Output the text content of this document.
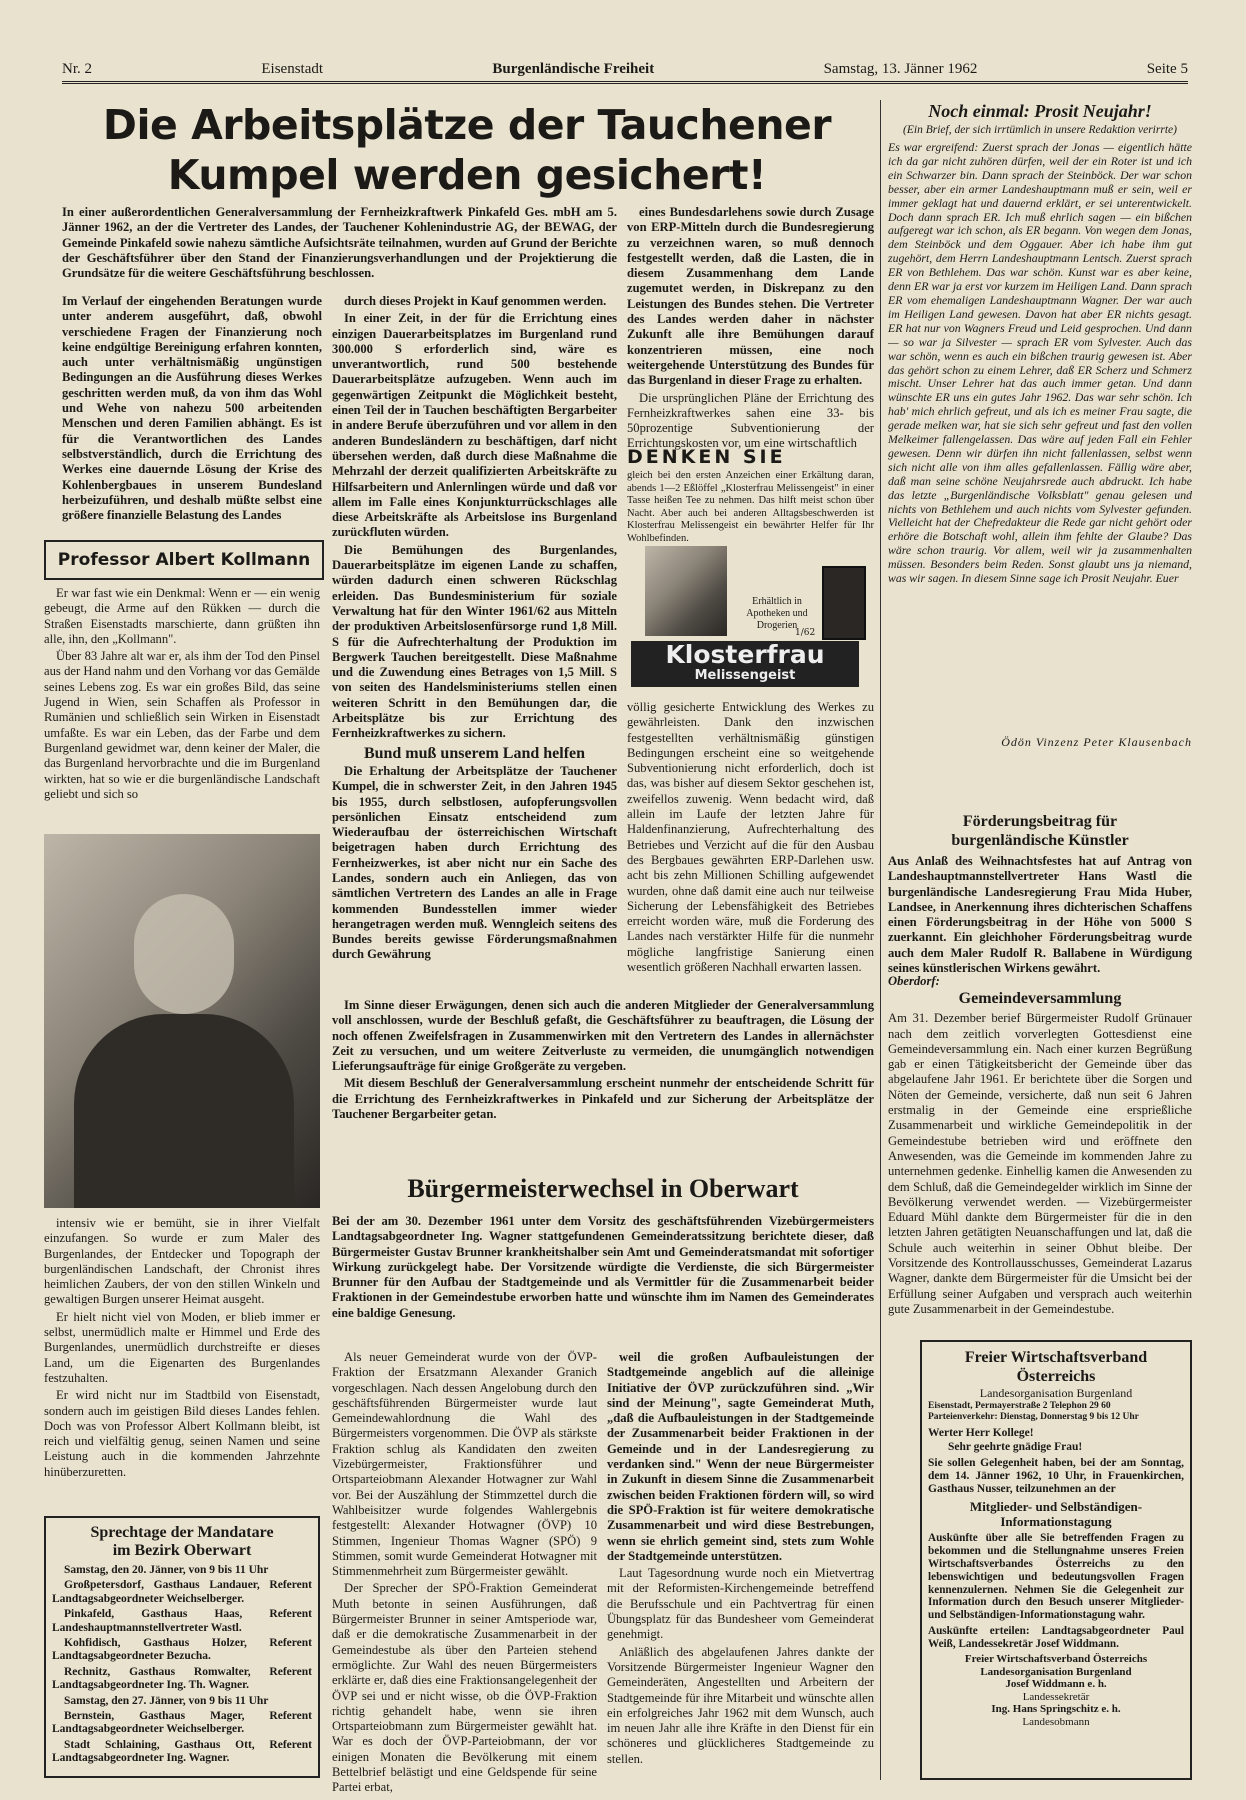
Nr. 2	Eisenstadt	Burgenländische Freiheit	Samstag, 13. Jänner 1962	Seite 5
Die Arbeitsplätze der Tauchener
Kumpel werden gesichert!
In einer außerordentlichen Generalversammlung der Fernheizkraftwerk Pinkafeld Ges. mbH am 5. Jänner 1962, an der die Vertreter des Landes, der Tauchener Kohlenindustrie AG, der BEWAG, der Gemeinde Pinkafeld sowie nahezu sämtliche Aufsichtsräte teilnahmen, wurden auf Grund der Berichte der Geschäftsführer über den Stand der Finanzierungsverhandlungen und der Projektierung die Grundsätze für die weitere Geschäftsführung beschlossen.

eines Bundesdarlehens sowie durch Zusage von ERP-Mitteln durch die Bundesregierung zu verzeichnen waren, so muß dennoch festgestellt werden, daß die Lasten, die in diesem Zusammenhang dem Lande zugemutet werden, in Diskrepanz zu den Leistungen des Bundes stehen. Die Vertreter des Landes werden daher in nächster Zukunft alle ihre Bemühungen darauf konzentrieren müssen, eine noch weitergehende Unterstützung des Bundes für das Burgenland in dieser Frage zu erhalten.

Die ursprünglichen Pläne der Errichtung des Fernheizkraftwerkes sahen eine 33- bis 50prozentige Subventionierung der Errichtungskosten vor, um eine wirtschaftlich

Im Verlauf der eingehenden Beratungen wurde unter anderem ausgeführt, daß, obwohl verschiedene Fragen der Finanzierung noch keine endgültige Bereinigung erfahren konnten, auch unter verhältnismäßig ungünstigen Bedingungen an die Ausführung dieses Werkes geschritten werden muß, da von ihm das Wohl und Wehe von nahezu 500 arbeitenden Menschen und deren Familien abhängt. Es ist für die Verantwortlichen des Landes selbstverständlich, durch die Errichtung des Werkes eine dauernde Lösung der Krise des Kohlenbergbaues in unserem Bundesland herbeizuführen, und deshalb müßte selbst eine größere finanzielle Belastung des Landes

durch dieses Projekt in Kauf genommen werden.

In einer Zeit, in der für die Errichtung eines einzigen Dauerarbeitsplatzes im Burgenland rund 300.000 S erforderlich sind, wäre es unverantwortlich, rund 500 bestehende Dauerarbeitsplätze aufzugeben. Wenn auch im gegenwärtigen Zeitpunkt die Möglichkeit besteht, einen Teil der in Tauchen beschäftigten Bergarbeiter in andere Berufe überzuführen und vor allem in den anderen Bundesländern zu beschäftigen, darf nicht übersehen werden, daß durch diese Maßnahme die Mehrzahl der derzeit qualifizierten Arbeitskräfte zu Hilfsarbeitern und Anlernlingen würde und daß vor allem im Falle eines Konjunkturrückschlages alle diese Arbeitskräfte als Arbeitslose ins Burgenland zurückfluten würden.

Die Bemühungen des Burgenlandes, Dauerarbeitsplätze im eigenen Lande zu schaffen, würden dadurch einen schweren Rückschlag erleiden. Das Bundesministerium für soziale Verwaltung hat für den Winter 1961/62 aus Mitteln der produktiven Arbeitslosenfürsorge rund 1,8 Mill. S für die Aufrechterhaltung der Produktion im Bergwerk Tauchen bereitgestellt. Diese Maßnahme und die Zuwendung eines Betrages von 1,5 Mill. S von seiten des Handelsministeriums stellen einen weiteren Schritt in den Bemühungen dar, die Arbeitsplätze bis zur Errichtung des Fernheizkraftwerkes zu sichern.

Bund muß unserem Land helfen

Die Erhaltung der Arbeitsplätze der Tauchener Kumpel, die in schwerster Zeit, in den Jahren 1945 bis 1955, durch selbstlosen, aufopferungsvollen persönlichen Einsatz entscheidend zum Wiederaufbau der österreichischen Wirtschaft beigetragen haben durch Errichtung des Fernheizwerkes, ist aber nicht nur ein Sache des Landes, sondern auch ein Anliegen, das von sämtlichen Vertretern des Landes an alle in Frage kommenden Bundesstellen immer wieder herangetragen werden muß. Wenngleich seitens des Bundes bereits gewisse Förderungsmaßnahmen durch Gewährung

DENKEN SIE
gleich bei den ersten Anzeichen einer Erkältung daran, abends 1—2 Eßlöffel „Klosterfrau Melissengeist" in einer Tasse heißen Tee zu nehmen. Das hilft meist schon über Nacht. Aber auch bei anderen Alltagsbeschwerden ist Klosterfrau Melissengeist ein bewährter Helfer für Ihr Wohlbefinden.
Erhältlich in Apotheken und Drogerien
1/62
Klosterfrau
Melissengeist
völlig gesicherte Entwicklung des Werkes zu gewährleisten. Dank den inzwischen festgestellten verhältnismäßig günstigen Bedingungen erscheint eine so weitgehende Subventionierung nicht erforderlich, doch ist das, was bisher auf diesem Sektor geschehen ist, zweifellos zuwenig. Wenn bedacht wird, daß allein im Laufe der letzten Jahre für Haldenfinanzierung, Aufrechterhaltung des Betriebes und Verzicht auf die für den Ausbau des Bergbaues gewährten ERP-Darlehen usw. acht bis zehn Millionen Schilling aufgewendet wurden, ohne daß damit eine auch nur teilweise Sicherung der Lebensfähigkeit des Betriebes erreicht worden wäre, muß die Forderung des Landes nach verstärkter Hilfe für die nunmehr mögliche langfristige Sanierung einen wesentlich größeren Nachhall erwarten lassen.

Im Sinne dieser Erwägungen, denen sich auch die anderen Mitglieder der Generalversammlung voll anschlossen, wurde der Beschluß gefaßt, die Geschäftsführer zu beauftragen, die Lösung der noch offenen Zweifelsfragen in Zusammenwirken mit den Vertretern des Landes in allernächster Zeit zu versuchen, und um weitere Zeitverluste zu vermeiden, die unumgänglich notwendigen Lieferungsaufträge für einige Großgeräte zu vergeben.

Mit diesem Beschluß der Generalversammlung erscheint nunmehr der entscheidende Schritt für die Errichtung des Fernheizkraftwerkes in Pinkafeld und zur Sicherung der Arbeitsplätze der Tauchener Bergarbeiter getan.

Professor Albert Kollmann

Er war fast wie ein Denkmal: Wenn er — ein wenig gebeugt, die Arme auf den Rükken — durch die Straßen Eisenstadts marschierte, dann grüßten ihn alle, ihn, den „Kollmann".

Über 83 Jahre alt war er, als ihm der Tod den Pinsel aus der Hand nahm und den Vorhang vor das Gemälde seines Lebens zog. Es war ein großes Bild, das seine Jugend in Wien, sein Schaffen als Professor in Rumänien und schließlich sein Wirken in Eisenstadt umfaßte. Es war ein Leben, das der Farbe und dem Burgenland gewidmet war, denn keiner der Maler, die das Burgenland hervorbrachte und die im Burgenland wirkten, hat so wie er die burgenländische Landschaft geliebt und sich so

intensiv wie er bemüht, sie in ihrer Vielfalt einzufangen. So wurde er zum Maler des Burgenlandes, der Entdecker und Topograph der burgenländischen Landschaft, der Chronist ihres heimlichen Zaubers, der von den stillen Winkeln und gewaltigen Burgen unserer Heimat ausgeht.

Er hielt nicht viel von Moden, er blieb immer er selbst, unermüdlich malte er Himmel und Erde des Burgenlandes, unermüdlich durchstreifte er dieses Land, um die Eigenarten des Burgenlandes festzuhalten.

Er wird nicht nur im Stadtbild von Eisenstadt, sondern auch im geistigen Bild dieses Landes fehlen. Doch was von Professor Albert Kollmann bleibt, ist reich und vielfältig genug, seinen Namen und seine Leistung auch in die kommenden Jahrzehnte hinüberzuretten.

Sprechtage der Mandatare
im Bezirk Oberwart

Samstag, den 20. Jänner, von 9 bis 11 Uhr

Großpetersdorf, Gasthaus Landauer, Referent Landtagsabgeordneter Weichselberger.

Pinkafeld, Gasthaus Haas, Referent Landeshauptmannstellvertreter Wastl.

Kohfidisch, Gasthaus Holzer, Referent Landtagsabgeordneter Bezucha.

Rechnitz, Gasthaus Romwalter, Referent Landtagsabgeordneter Ing. Th. Wagner.

Samstag, den 27. Jänner, von 9 bis 11 Uhr

Bernstein, Gasthaus Mager, Referent Landtagsabgeordneter Weichselberger.

Stadt Schlaining, Gasthaus Ott, Referent Landtagsabgeordneter Ing. Wagner.

Bürgermeisterwechsel in Oberwart
Bei der am 30. Dezember 1961 unter dem Vorsitz des geschäftsführenden Vizebürgermeisters Landtagsabgeordneter Ing. Wagner stattgefundenen Gemeinderatssitzung berichtete dieser, daß Bürgermeister Gustav Brunner krankheitshalber sein Amt und Gemeinderatsmandat mit sofortiger Wirkung zurückgelegt habe. Der Vorsitzende würdigte die Verdienste, die sich Bürgermeister Brunner für den Aufbau der Stadtgemeinde und als Vermittler für die Zusammenarbeit beider Fraktionen in der Gemeindestube erworben hatte und wünschte ihm im Namen des Gemeinderates eine baldige Genesung.

Als neuer Gemeinderat wurde von der ÖVP-Fraktion der Ersatzmann Alexander Granich vorgeschlagen. Nach dessen Angelobung durch den geschäftsführenden Bürgermeister wurde laut Gemeindewahlordnung die Wahl des Bürgermeisters vorgenommen. Die ÖVP als stärkste Fraktion schlug als Kandidaten den zweiten Vizebürgermeister, Fraktionsführer und Ortsparteiobmann Alexander Hotwagner zur Wahl vor. Bei der Auszählung der Stimmzettel durch die Wahlbeisitzer wurde folgendes Wahlergebnis festgestellt: Alexander Hotwagner (ÖVP) 10 Stimmen, Ingenieur Thomas Wagner (SPÖ) 9 Stimmen, somit wurde Gemeinderat Hotwagner mit Stimmenmehrheit zum Bürgermeister gewählt.

Der Sprecher der SPÖ-Fraktion Gemeinderat Muth betonte in seinen Ausführungen, daß Bürgermeister Brunner in seiner Amtsperiode war, daß er die demokratische Zusammenarbeit in der Gemeindestube als über den Parteien stehend ermöglichte. Zur Wahl des neuen Bürgermeisters erklärte er, daß dies eine Fraktionsangelegenheit der ÖVP sei und er nicht wisse, ob die ÖVP-Fraktion richtig gehandelt habe, wenn sie ihren Ortsparteiobmann zum Bürgermeister gewählt hat. War es doch der ÖVP-Parteiobmann, der vor einigen Monaten die Bevölkerung mit einem Bettelbrief belästigt und eine Geldspende für seine Partei erbat,

weil die großen Aufbauleistungen der Stadtgemeinde angeblich auf die alleinige Initiative der ÖVP zurückzuführen sind. „Wir sind der Meinung", sagte Gemeinderat Muth, „daß die Aufbauleistungen in der Stadtgemeinde der Zusammenarbeit beider Fraktionen in der Gemeinde und in der Landesregierung zu verdanken sind." Wenn der neue Bürgermeister in Zukunft in diesem Sinne die Zusammenarbeit zwischen beiden Fraktionen fördern will, so wird die SPÖ-Fraktion ist für weitere demokratische Zusammenarbeit und wird diese Bestrebungen, wenn sie ehrlich gemeint sind, stets zum Wohle der Stadtgemeinde unterstützen.

Laut Tagesordnung wurde noch ein Mietvertrag mit der Reformisten-Kirchengemeinde betreffend die Berufsschule und ein Pachtvertrag für einen Übungsplatz für das Bundesheer vom Gemeinderat genehmigt.

Anläßlich des abgelaufenen Jahres dankte der Vorsitzende Bürgermeister Ingenieur Wagner den Gemeinderäten, Angestellten und Arbeitern der Stadtgemeinde für ihre Mitarbeit und wünschte allen ein erfolgreiches Jahr 1962 mit dem Wunsch, auch im neuen Jahr alle ihre Kräfte in den Dienst für ein schöneres und glücklicheres Stadtgemeinde zu stellen.

Noch einmal: Prosit Neujahr!
(Ein Brief, der sich irrtümlich in unsere Redaktion verirrte)
Es war ergreifend: Zuerst sprach der Jonas — eigentlich hätte ich da gar nicht zuhören dürfen, weil der ein Roter ist und ich ein Schwarzer bin. Dann sprach der Steinböck. Der war schon besser, aber ein armer Landeshauptmann muß er sein, weil er immer geklagt hat und dauernd erklärt, er sei unterentwickelt. Doch dann sprach ER. Ich muß ehrlich sagen — ein bißchen aufgeregt war ich schon, als ER begann. Von wegen dem Jonas, dem Steinböck und dem Oggauer. Aber ich habe ihm gut zugehört, dem Herrn Landeshauptmann Lentsch. Zuerst sprach ER von Bethlehem. Das war schön. Kunst war es aber keine, denn ER war ja erst vor kurzem im Heiligen Land. Dann sprach ER vom ehemaligen Landeshauptmann Wagner. Der war auch im Heiligen Land gewesen. Davon hat aber ER nichts gesagt. ER hat nur von Wagners Freud und Leid gesprochen. Und dann — so war ja Silvester — sprach ER vom Sylvester. Auch das war schön, wenn es auch ein bißchen traurig gewesen ist. Aber das gehört schon zu einem Lehrer, daß ER Scherz und Schmerz mischt. Unser Lehrer hat das auch immer getan. Und dann wünschte ER uns ein gutes Jahr 1962. Das war sehr schön. Ich hab' mich ehrlich gefreut, und als ich es meiner Frau sagte, die gerade melken war, hat sie sich sehr gefreut und fast den vollen Melkeimer fallengelassen. Das wäre auf jeden Fall ein Fehler gewesen. Denn wir dürfen ihn nicht fallenlassen, selbst wenn sich nicht alle von ihm alles gefallenlassen. Fällig wäre aber, daß man seine schöne Neujahrsrede auch abdruckt. Ich habe das letzte „Burgenländische Volksblatt" genau gelesen und nichts von Bethlehem und auch nichts vom Sylvester gefunden. Vielleicht hat der Chefredakteur die Rede gar nicht gehört oder erhöre die Botschaft wohl, allein ihm fehlte der Glaube? Das wäre schon traurig. Vor allem, weil wir ja zusammenhalten müssen. Besonders beim Reden. Sonst glaubt uns ja niemand, was wir sagen. In diesem Sinne sage ich Prosit Neujahr. Euer
Ödön Vinzenz Peter Klausenbach
Förderungsbeitrag für burgenländische Künstler
Aus Anlaß des Weihnachtsfestes hat auf Antrag von Landeshauptmannstellvertreter Hans Wastl die burgenländische Landesregierung Frau Mida Huber, Landsee, in Anerkennung ihres dichterischen Schaffens einen Förderungsbeitrag in der Höhe von 5000 S zuerkannt. Ein gleichhoher Förderungsbeitrag wurde auch dem Maler Rudolf R. Ballabene in Würdigung seines künstlerischen Wirkens gewährt.
Oberdorf:
Gemeindeversammlung
Am 31. Dezember berief Bürgermeister Rudolf Grünauer nach dem zeitlich vorverlegten Gottesdienst eine Gemeindeversammlung ein. Nach einer kurzen Begrüßung gab er einen Tätigkeitsbericht der Gemeinde über das abgelaufene Jahr 1961. Er berichtete über die Sorgen und Nöten der Gemeinde, versicherte, daß nun seit 6 Jahren erstmalig in der Gemeinde eine ersprießliche Zusammenarbeit und wirkliche Gemeindepolitik in der Gemeindestube betrieben wird und eröffnete den Anwesenden, was die Gemeinde im kommenden Jahre zu unternehmen gedenke. Einhellig kamen die Anwesenden zu dem Schluß, daß die Gemeindegelder wirklich im Sinne der Bevölkerung verwendet werden. — Vizebürgermeister Eduard Mühl dankte dem Bürgermeister für die in den letzten Jahren getätigten Neuanschaffungen und lat, daß die Schule auch weiterhin in seiner Obhut bleibe. Der Vorsitzende des Kontrollausschusses, Gemeinderat Lazarus Wagner, dankte dem Bürgermeister für die Umsicht bei der Erfüllung seiner Aufgaben und versprach auch weiterhin gute Zusammenarbeit in der Gemeindestube.
Freier Wirtschaftsverband
Österreichs
Landesorganisation Burgenland
Eisenstadt, Permayerstraße 2 Telephon 29 60
Parteienverkehr: Dienstag, Donnerstag 9 bis 12 Uhr
Werter Herr Kollege!
Sehr geehrte gnädige Frau!
Sie sollen Gelegenheit haben, bei der am Sonntag, dem 14. Jänner 1962, 10 Uhr, in Frauenkirchen, Gasthaus Nusser, teilzunehmen an der
Mitglieder- und Selbständigen-Informationstagung
Auskünfte über alle Sie betreffenden Fragen zu bekommen und die Stellungnahme unseres Freien Wirtschaftsverbandes Österreichs zu den lebenswichtigen und bedeutungsvollen Fragen kennenzulernen. Nehmen Sie die Gelegenheit zur Information durch den Besuch unserer Mitglieder- und Selbständigen-Informationstagung wahr.
Auskünfte erteilen: Landtagsabgeordneter Paul Weiß, Landessekretär Josef Widdmann.
Freier Wirtschaftsverband Österreichs Landesorganisation Burgenland
Josef Widdmann e. h.
Landessekretär
Ing. Hans Springschitz e. h.
Landesobmann
